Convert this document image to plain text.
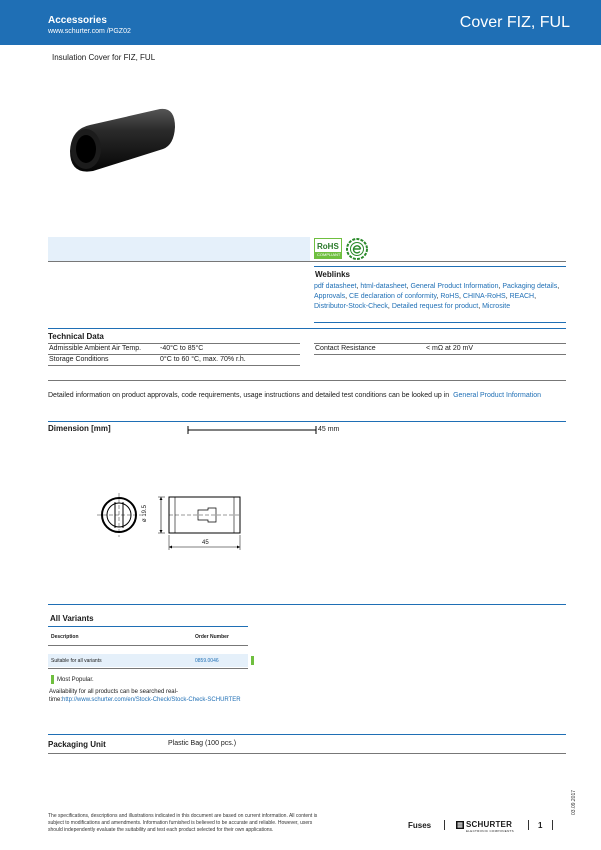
Accessories
www.schurter.com /PGZ02
Cover FIZ, FUL
Insulation Cover for FIZ, FUL
RoHS
COMPLIANT
Weblinks
pdf datasheet, html-datasheet, General Product Information, Packaging details, Approvals, CE declaration of conformity, RoHS, CHINA-RoHS, REACH, Distributor-Stock-Check, Detailed request for product, Microsite
Technical Data
Admissible Ambient Air Temp.	-40°C to 85°C
Storage Conditions	0°C to 60 °C, max. 70% r.h.
Contact Resistance	< mΩ at 20 mV
Detailed information on product approvals, code requirements, usage instructions and detailed test conditions can be looked up in General Product Information
Dimension [mm]	45 mm
ø 19.5
45
All Variants
Description	Order Number
Suitable for all variants	0859.0046
Most Popular.
Availability for all products can be searched real-time:http://www.schurter.com/en/Stock-Check/Stock-Check-SCHURTER
Packaging Unit	Plastic Bag (100 pcs.)
03.09.2017
The specifications, descriptions and illustrations indicated in this document are based on current information. All content is subject to modifications and amendments. Information furnished is believed to be accurate and reliable. However, users should independently evaluate the suitability and test each product selected for their own applications.	Fuses	SCHURTER
ELECTRONIC COMPONENTS
1
